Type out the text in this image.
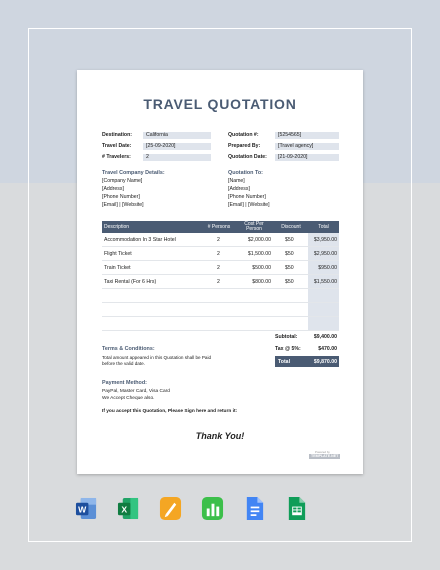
TRAVEL QUOTATION
Destination:	California
Travel Date:	[25-09-2020]
# Travelers:	2
Quotation #:	[5254565]
Prepared By:	[Travel agency]
Quotation Date: [21-09-2020]
Travel Company Details:
[Company Name]
[Address]
[Phone Number]
[Email] | [Website]
Quotation To:
[Name]
[Address]
[Phone Number]
[Email] | [Website]
Description	# Persons	Cost Per Person	Discount	Total
Accommodation In 3 Star Hotel	2	$2,000.00	$50	$3,950.00
Flight Ticket	2	$1,500.00	$50	$2,950.00
Train Ticket	2	$500.00	$50	$950.00
Taxi Rental (For 6 Hrs)	2	$800.00	$50	$1,550.00
Subtotal:	$9,400.00
Tax @ 5%:	$470.00
Total	$9,870.00
Terms & Conditions:
Total amount appeared in this Quotation shall be Paid
before the valid date.
Payment Method:
PayPal, Master Card, Visa Card
We Accept Cheque also.
If you accept this Quotation, Please Sign here and return it:
Thank You!
Powered by
TEMPLATE.NET
W	X
